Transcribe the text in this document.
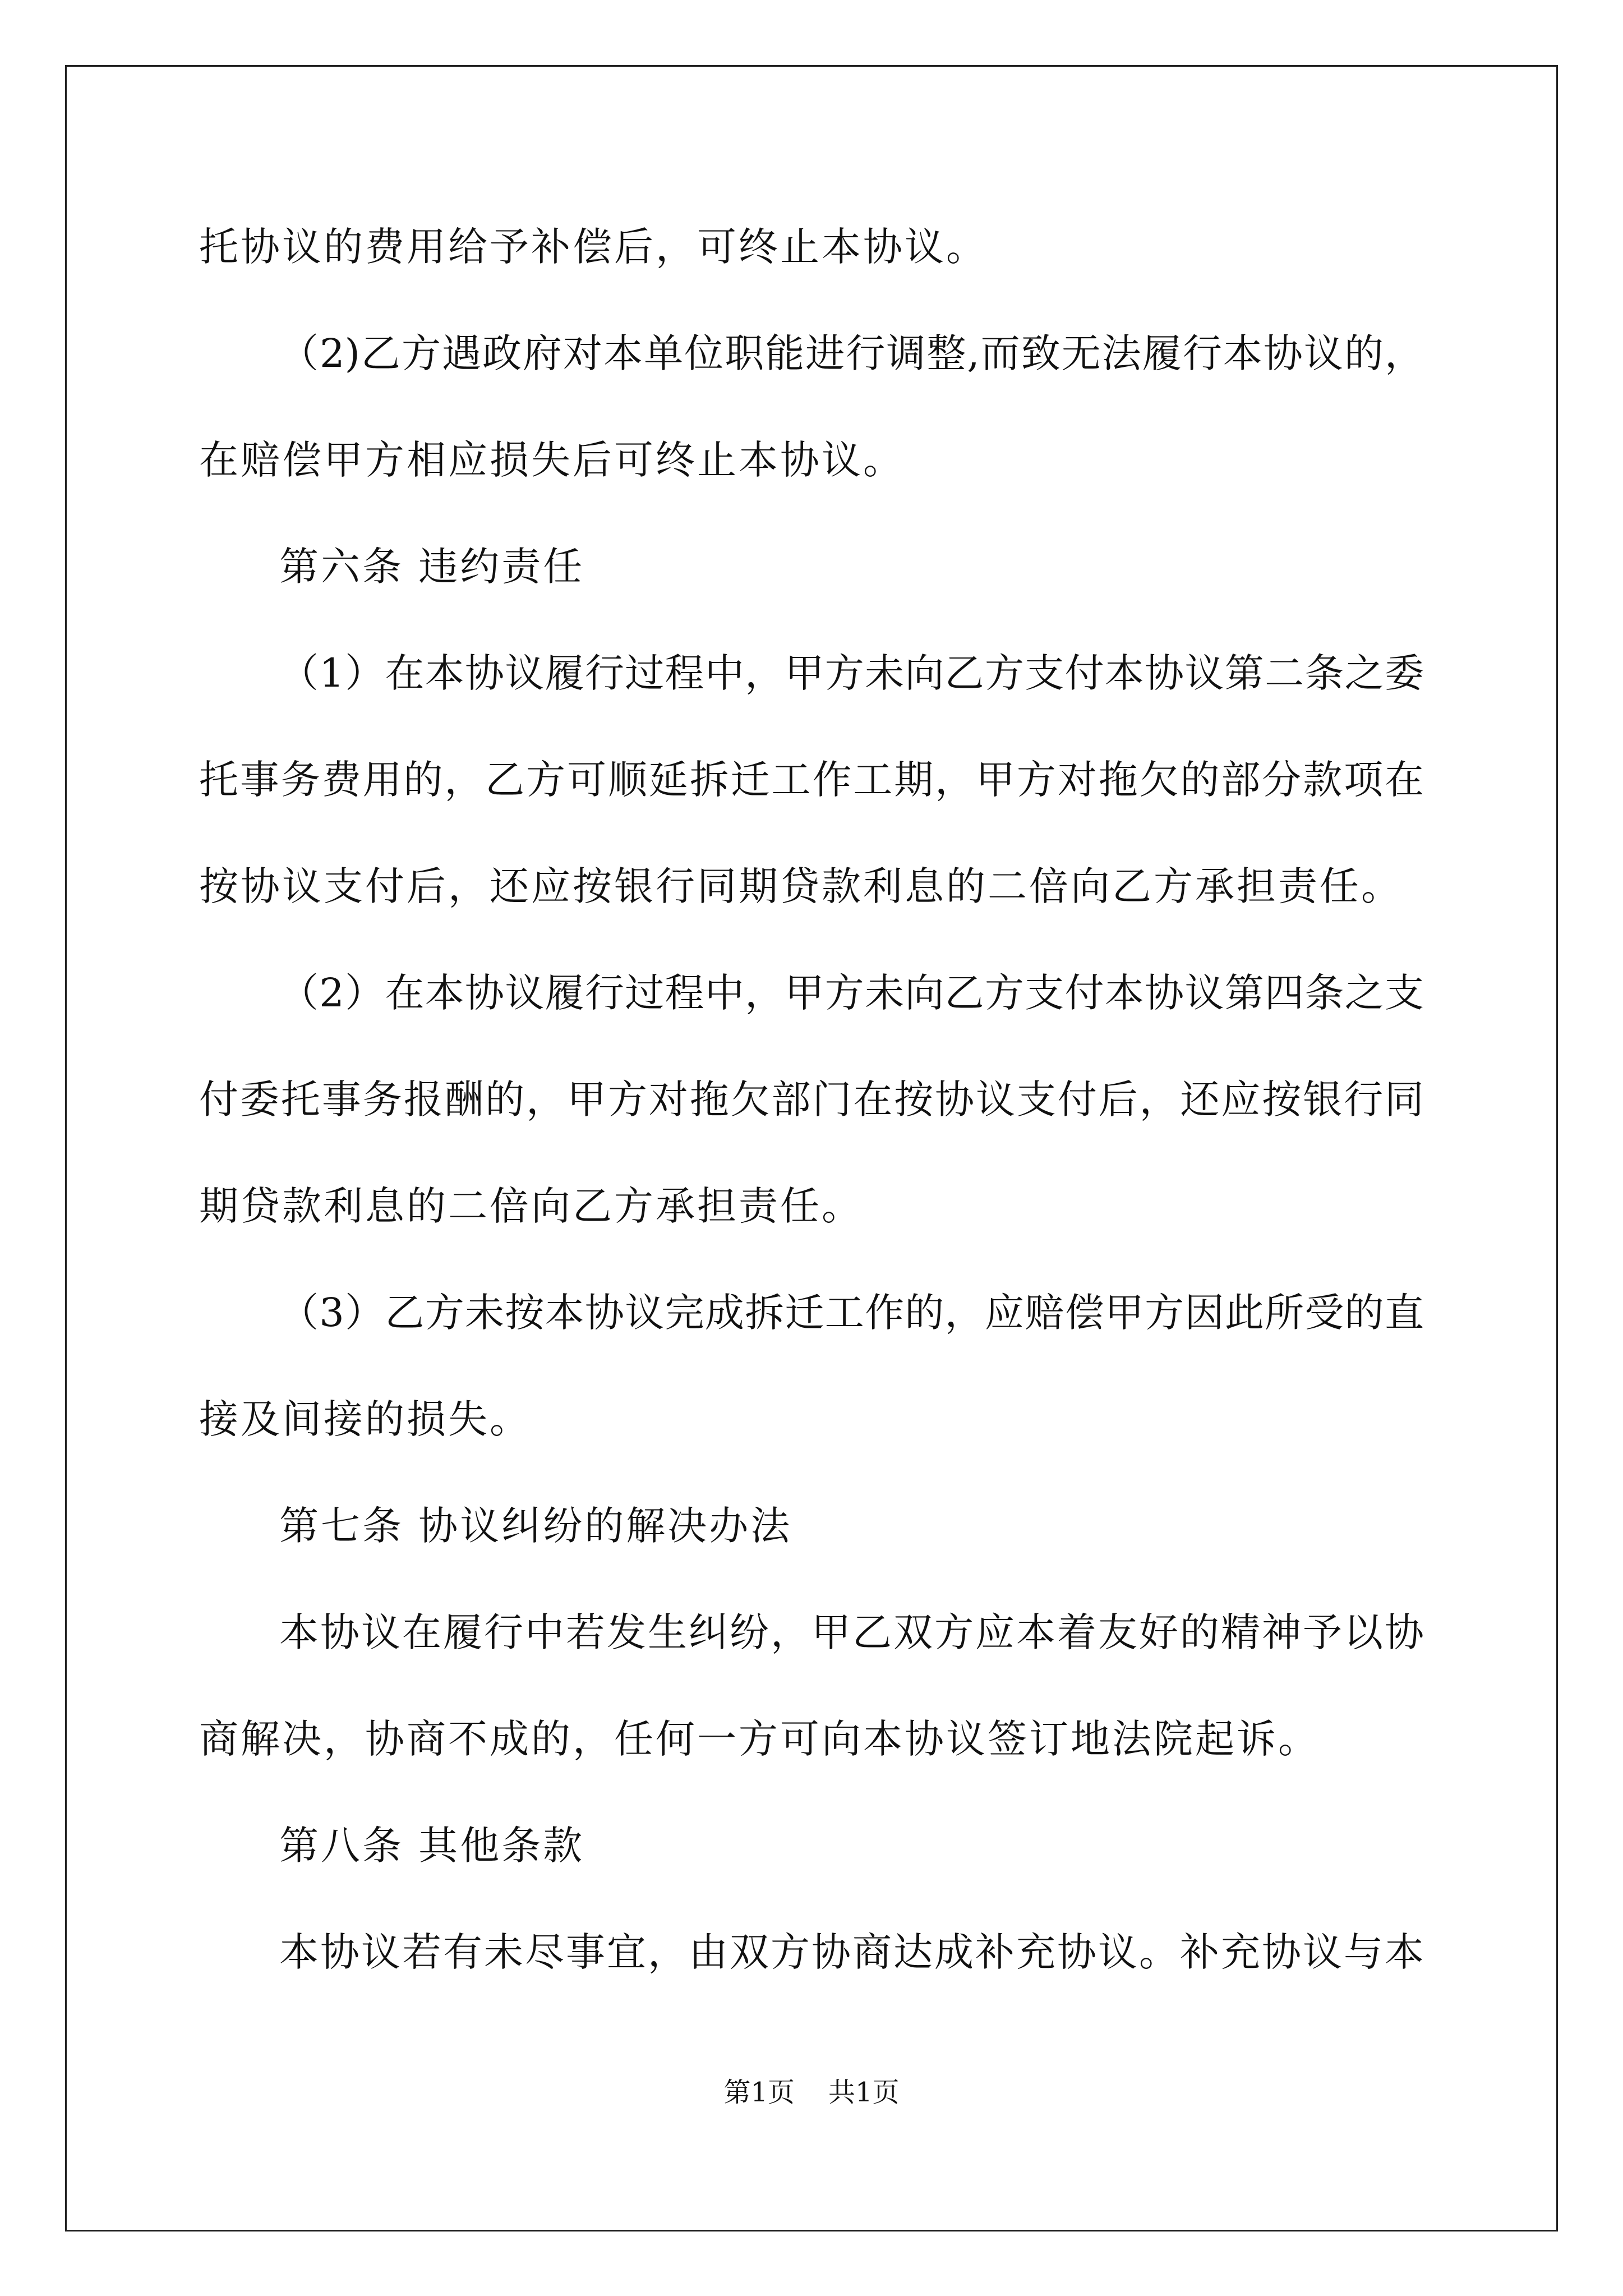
托协议的费用给予补偿后，可终止本协议。
（2)乙方遇政府对本单位职能进行调整,而致无法履行本协议的，
在赔偿甲方相应损失后可终止本协议。
第六条 违约责任
（1）在本协议履行过程中，甲方未向乙方支付本协议第二条之委
托事务费用的，乙方可顺延拆迁工作工期，甲方对拖欠的部分款项在
按协议支付后，还应按银行同期贷款利息的二倍向乙方承担责任。
（2）在本协议履行过程中，甲方未向乙方支付本协议第四条之支
付委托事务报酬的，甲方对拖欠部门在按协议支付后，还应按银行同
期贷款利息的二倍向乙方承担责任。
（3）乙方未按本协议完成拆迁工作的，应赔偿甲方因此所受的直
接及间接的损失。
第七条 协议纠纷的解决办法
本协议在履行中若发生纠纷，甲乙双方应本着友好的精神予以协
商解决，协商不成的，任何一方可向本协议签订地法院起诉。
第八条 其他条款
本协议若有未尽事宜，由双方协商达成补充协议。补充协议与本
第1页 共1页
